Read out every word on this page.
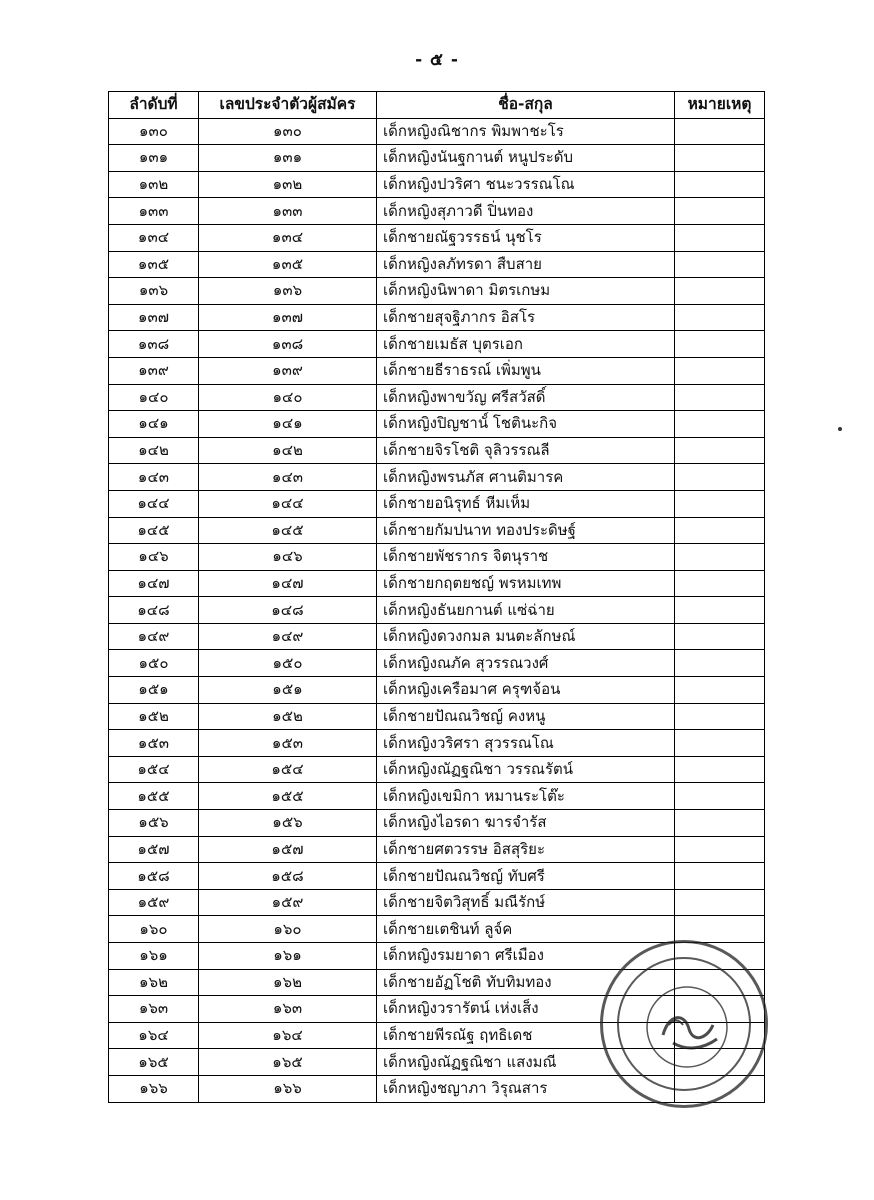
- ๕ -
ลำดับที่	เลขประจำตัวผู้สมัคร	ชื่อ-สกุล	หมายเหตุ
๑๓๐	๑๓๐	เด็กหญิงณิชากร พิมพาชะโร	
๑๓๑	๑๓๑	เด็กหญิงนันฐกานต์ หนูประดับ	
๑๓๒	๑๓๒	เด็กหญิงปวริศา ชนะวรรณโณ	
๑๓๓	๑๓๓	เด็กหญิงสุภาวดี ปิ่นทอง	
๑๓๔	๑๓๔	เด็กชายณัฐวรรธน์ นุชโร	
๑๓๕	๑๓๕	เด็กหญิงลภัทรดา สืบสาย	
๑๓๖	๑๓๖	เด็กหญิงนิพาดา มิตรเกษม	
๑๓๗	๑๓๗	เด็กชายสุจฐิภากร อิสโร	
๑๓๘	๑๓๘	เด็กชายเมธัส บุตรเอก	
๑๓๙	๑๓๙	เด็กชายธีราธรณ์ เพิ่มพูน	
๑๔๐	๑๔๐	เด็กหญิงพาขวัญ ศรีสวัสดิ์	
๑๔๑	๑๔๑	เด็กหญิงปิญชานั์ โชตินะกิจ	
๑๔๒	๑๔๒	เด็กชายจิรโชติ จุลิวรรณลี	
๑๔๓	๑๔๓	เด็กหญิงพรนภัส ศานติมารค	
๑๔๔	๑๔๔	เด็กชายอนิรุทธ์ หีมเห็ม	
๑๔๕	๑๔๕	เด็กชายกัมปนาท ทองประดิษฐ์	
๑๔๖	๑๔๖	เด็กชายพัชรากร จิตนุราช	
๑๔๗	๑๔๗	เด็กชายกฤตยชญ์ พรหมเทพ	
๑๔๘	๑๔๘	เด็กหญิงธันยกานต์ แซ่ฉ่าย	
๑๔๙	๑๔๙	เด็กหญิงดวงกมล มนตะลักษณ์	
๑๕๐	๑๕๐	เด็กหญิงณภัค สุวรรณวงศ์	
๑๕๑	๑๕๑	เด็กหญิงเครือมาศ ครุฑจ้อน	
๑๕๒	๑๕๒	เด็กชายปัณณวิชญ์ คงหนู	
๑๕๓	๑๕๓	เด็กหญิงวริศรา สุวรรณโณ	
๑๕๔	๑๕๔	เด็กหญิงณัฏฐณิชา วรรณรัตน์	
๑๕๕	๑๕๕	เด็กหญิงเขมิกา หมานระโต๊ะ	
๑๕๖	๑๕๖	เด็กหญิงไอรดา ฆารจำรัส	
๑๕๗	๑๕๗	เด็กชายศตวรรษ อิสสุริยะ	
๑๕๘	๑๕๘	เด็กชายปัณณวิชญ์ ทับศรี	
๑๕๙	๑๕๙	เด็กชายจิตวิสุทธิ์ มณีรักษ์	
๑๖๐	๑๖๐	เด็กชายเตชินท์ ลูจ์ค	
๑๖๑	๑๖๑	เด็กหญิงรมยาดา ศรีเมือง	
๑๖๒	๑๖๒	เด็กชายอัฏโชติ ทับทิมทอง	
๑๖๓	๑๖๓	เด็กหญิงวรารัตน์ เห่งเส็ง	
๑๖๔	๑๖๔	เด็กชายพีรณัฐ ฤทธิเดช	
๑๖๕	๑๖๕	เด็กหญิงณัฏฐณิชา แสงมณี	
๑๖๖	๑๖๖	เด็กหญิงชญาภา วิรุณสาร	
